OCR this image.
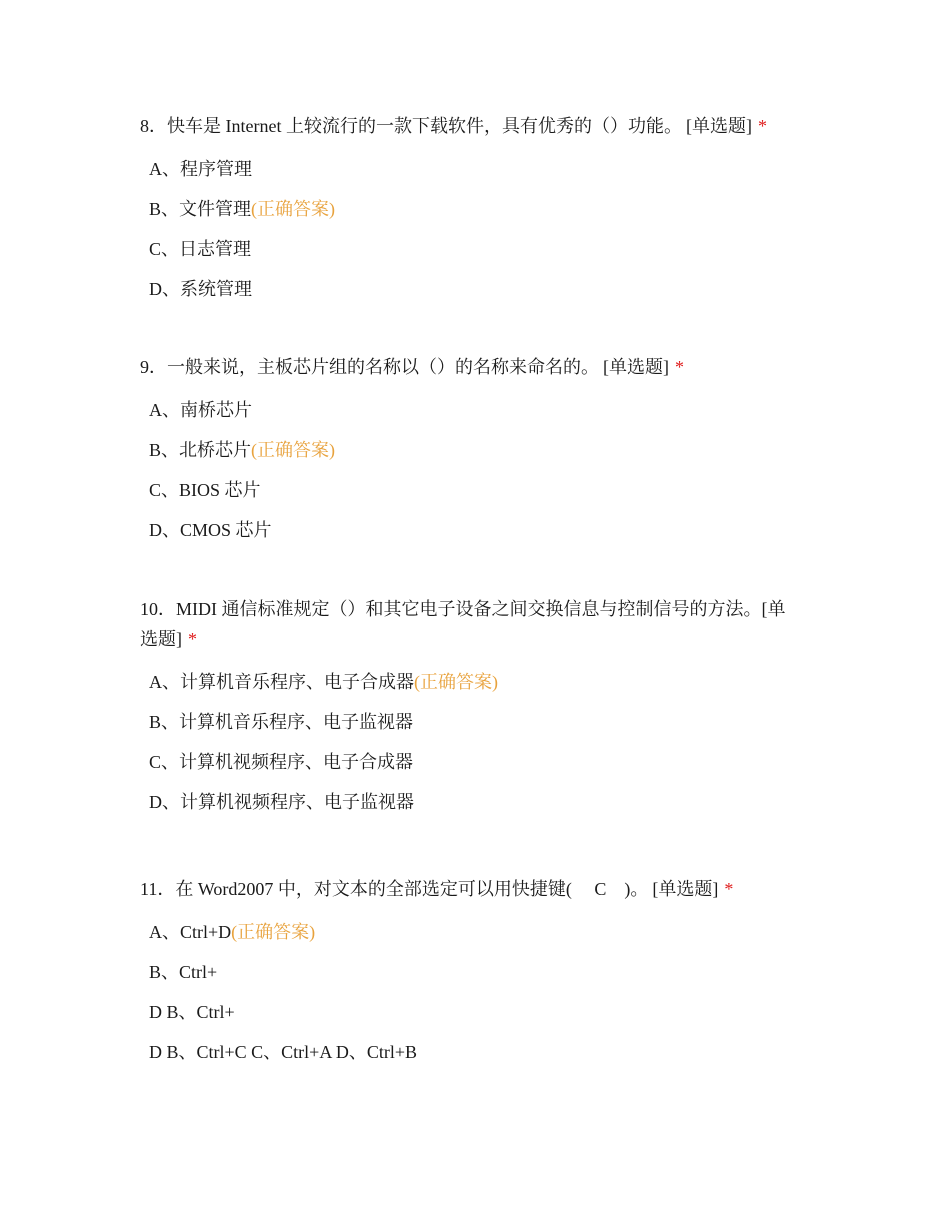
8．快车是 Internet 上较流行的一款下载软件，具有优秀的（）功能。 [单选题] *

A、程序管理
B、文件管理(正确答案)
C、日志管理
D、系统管理

9．一般来说，主板芯片组的名称以（）的名称来命名的。 [单选题] *

A、南桥芯片
B、北桥芯片(正确答案)
C、BIOS 芯片
D、CMOS 芯片

10．MIDI 通信标准规定（）和其它电子设备之间交换信息与控制信号的方法。[单选题] *

A、计算机音乐程序、电子合成器(正确答案)
B、计算机音乐程序、电子监视器
C、计算机视频程序、电子合成器
D、计算机视频程序、电子监视器

11．在 Word2007 中，对文本的全部选定可以用快捷键(　 C　)。 [单选题] *

A、Ctrl+D(正确答案)
B、Ctrl+
D B、Ctrl+
D B、Ctrl+C C、Ctrl+A D、Ctrl+B
